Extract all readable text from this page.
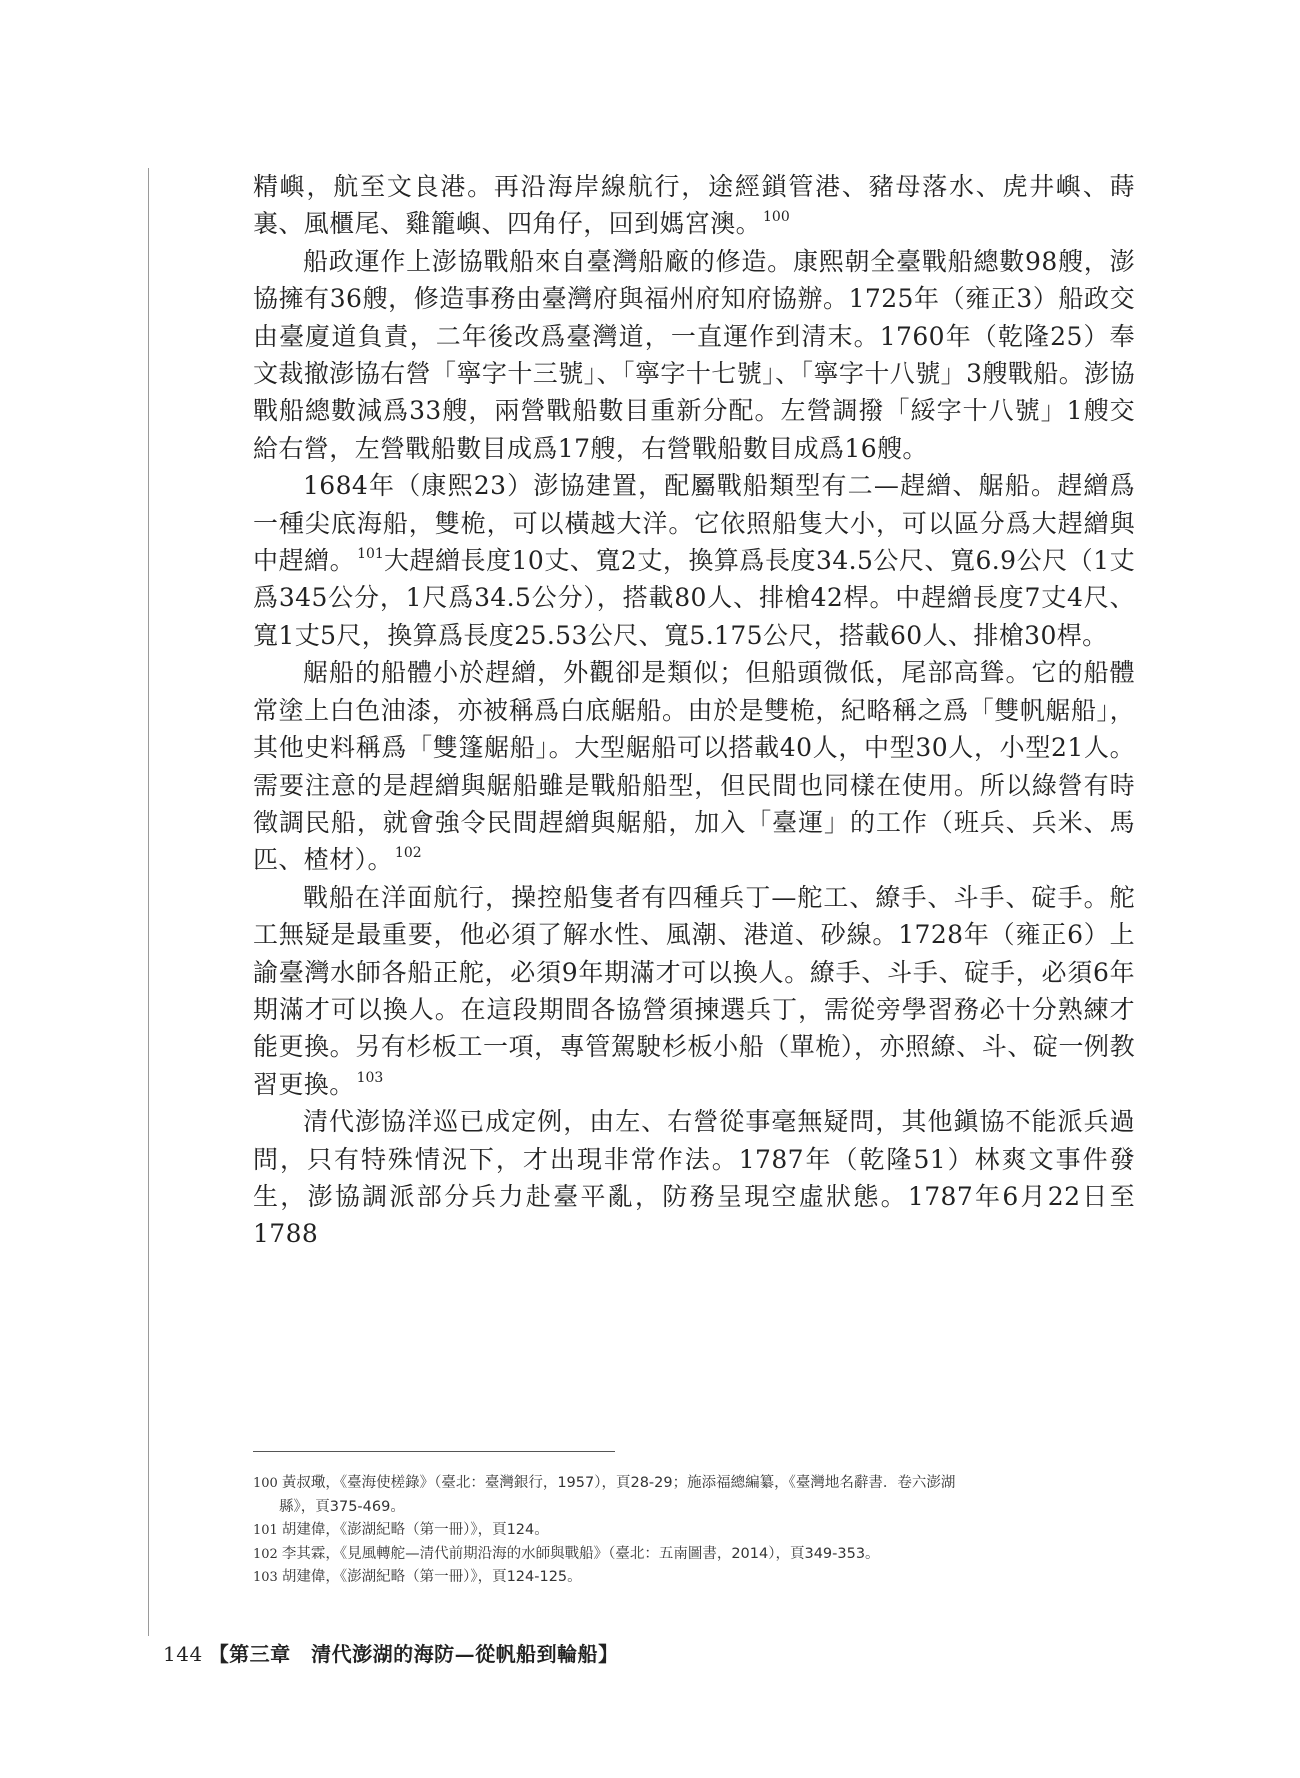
精嶼，航至文良港。再沿海岸線航行，途經鎖管港、豬母落水、虎井嶼、蒔裏、風櫃尾、雞籠嶼、四角仔，回到媽宮澳。 $^{100}$

船政運作上澎協戰船來自臺灣船廠的修造。康熙朝全臺戰船總數98艘，澎協擁有36艘，修造事務由臺灣府與福州府知府協辦。1725年（雍正3）船政交由臺廈道負責，二年後改爲臺灣道，一直運作到清末。1760年（乾隆25）奉文裁撤澎協右營「寧字十三號」、「寧字十七號」、「寧字十八號」3艘戰船。澎協戰船總數減爲33艘，兩營戰船數目重新分配。左營調撥「綏字十八號」1艘交給右營，左營戰船數目成爲17艘，右營戰船數目成爲16艘。

1684年（康熙23）澎協建置，配屬戰船類型有二—趕繒、艍船。趕繒爲一種尖底海船，雙桅，可以橫越大洋。它依照船隻大小，可以區分爲大趕繒與中趕繒。 $^{101}$大趕繒長度10丈、寬2丈，換算爲長度34.5公尺、寬6.9公尺（1丈爲345公分，1尺爲34.5公分），搭載80人、排槍42桿。中趕繒長度7丈4尺、寬1丈5尺，換算爲長度25.53公尺、寬5.175公尺，搭載60人、排槍30桿。

艍船的船體小於趕繒，外觀卻是類似；但船頭微低，尾部高聳。它的船體常塗上白色油漆，亦被稱爲白底艍船。由於是雙桅，紀略稱之爲「雙帆艍船」，其他史料稱爲「雙篷艍船」。大型艍船可以搭載40人，中型30人，小型21人。需要注意的是趕繒與艍船雖是戰船船型，但民間也同樣在使用。所以綠營有時徵調民船，就會強令民間趕繒與艍船，加入「臺運」的工作（班兵、兵米、馬匹、楂材）。 $^{102}$

戰船在洋面航行，操控船隻者有四種兵丁—舵工、繚手、斗手、碇手。舵工無疑是最重要，他必須了解水性、風潮、港道、砂線。1728年（雍正6）上諭臺灣水師各船正舵，必須9年期滿才可以換人。繚手、斗手、碇手，必須6年期滿才可以換人。在這段期間各協營須揀選兵丁，需從旁學習務必十分熟練才能更換。另有杉板工一項，專管駕駛杉板小船（單桅），亦照繚、斗、碇一例教習更換。 $^{103}$

清代澎協洋巡已成定例，由左、右營從事毫無疑問，其他鎭協不能派兵過問，只有特殊情況下，才出現非常作法。1787年（乾隆51）林爽文事件發生，澎協調派部分兵力赴臺平亂，防務呈現空虛狀態。1787年6月22日至1788

100 黃叔璥，《臺海使槎錄》（臺北：臺灣銀行，1957），頁28-29；施添福總編纂，《臺灣地名辭書．卷六澎湖
縣》，頁375-469。
101 胡建偉，《澎湖紀略（第一冊）》，頁124。
102 李其霖，《見風轉舵—清代前期沿海的水師與戰船》（臺北：五南圖書，2014），頁349-353。
103 胡建偉，《澎湖紀略（第一冊）》，頁124-125。
144 【第三章　清代澎湖的海防—從帆船到輪船】
